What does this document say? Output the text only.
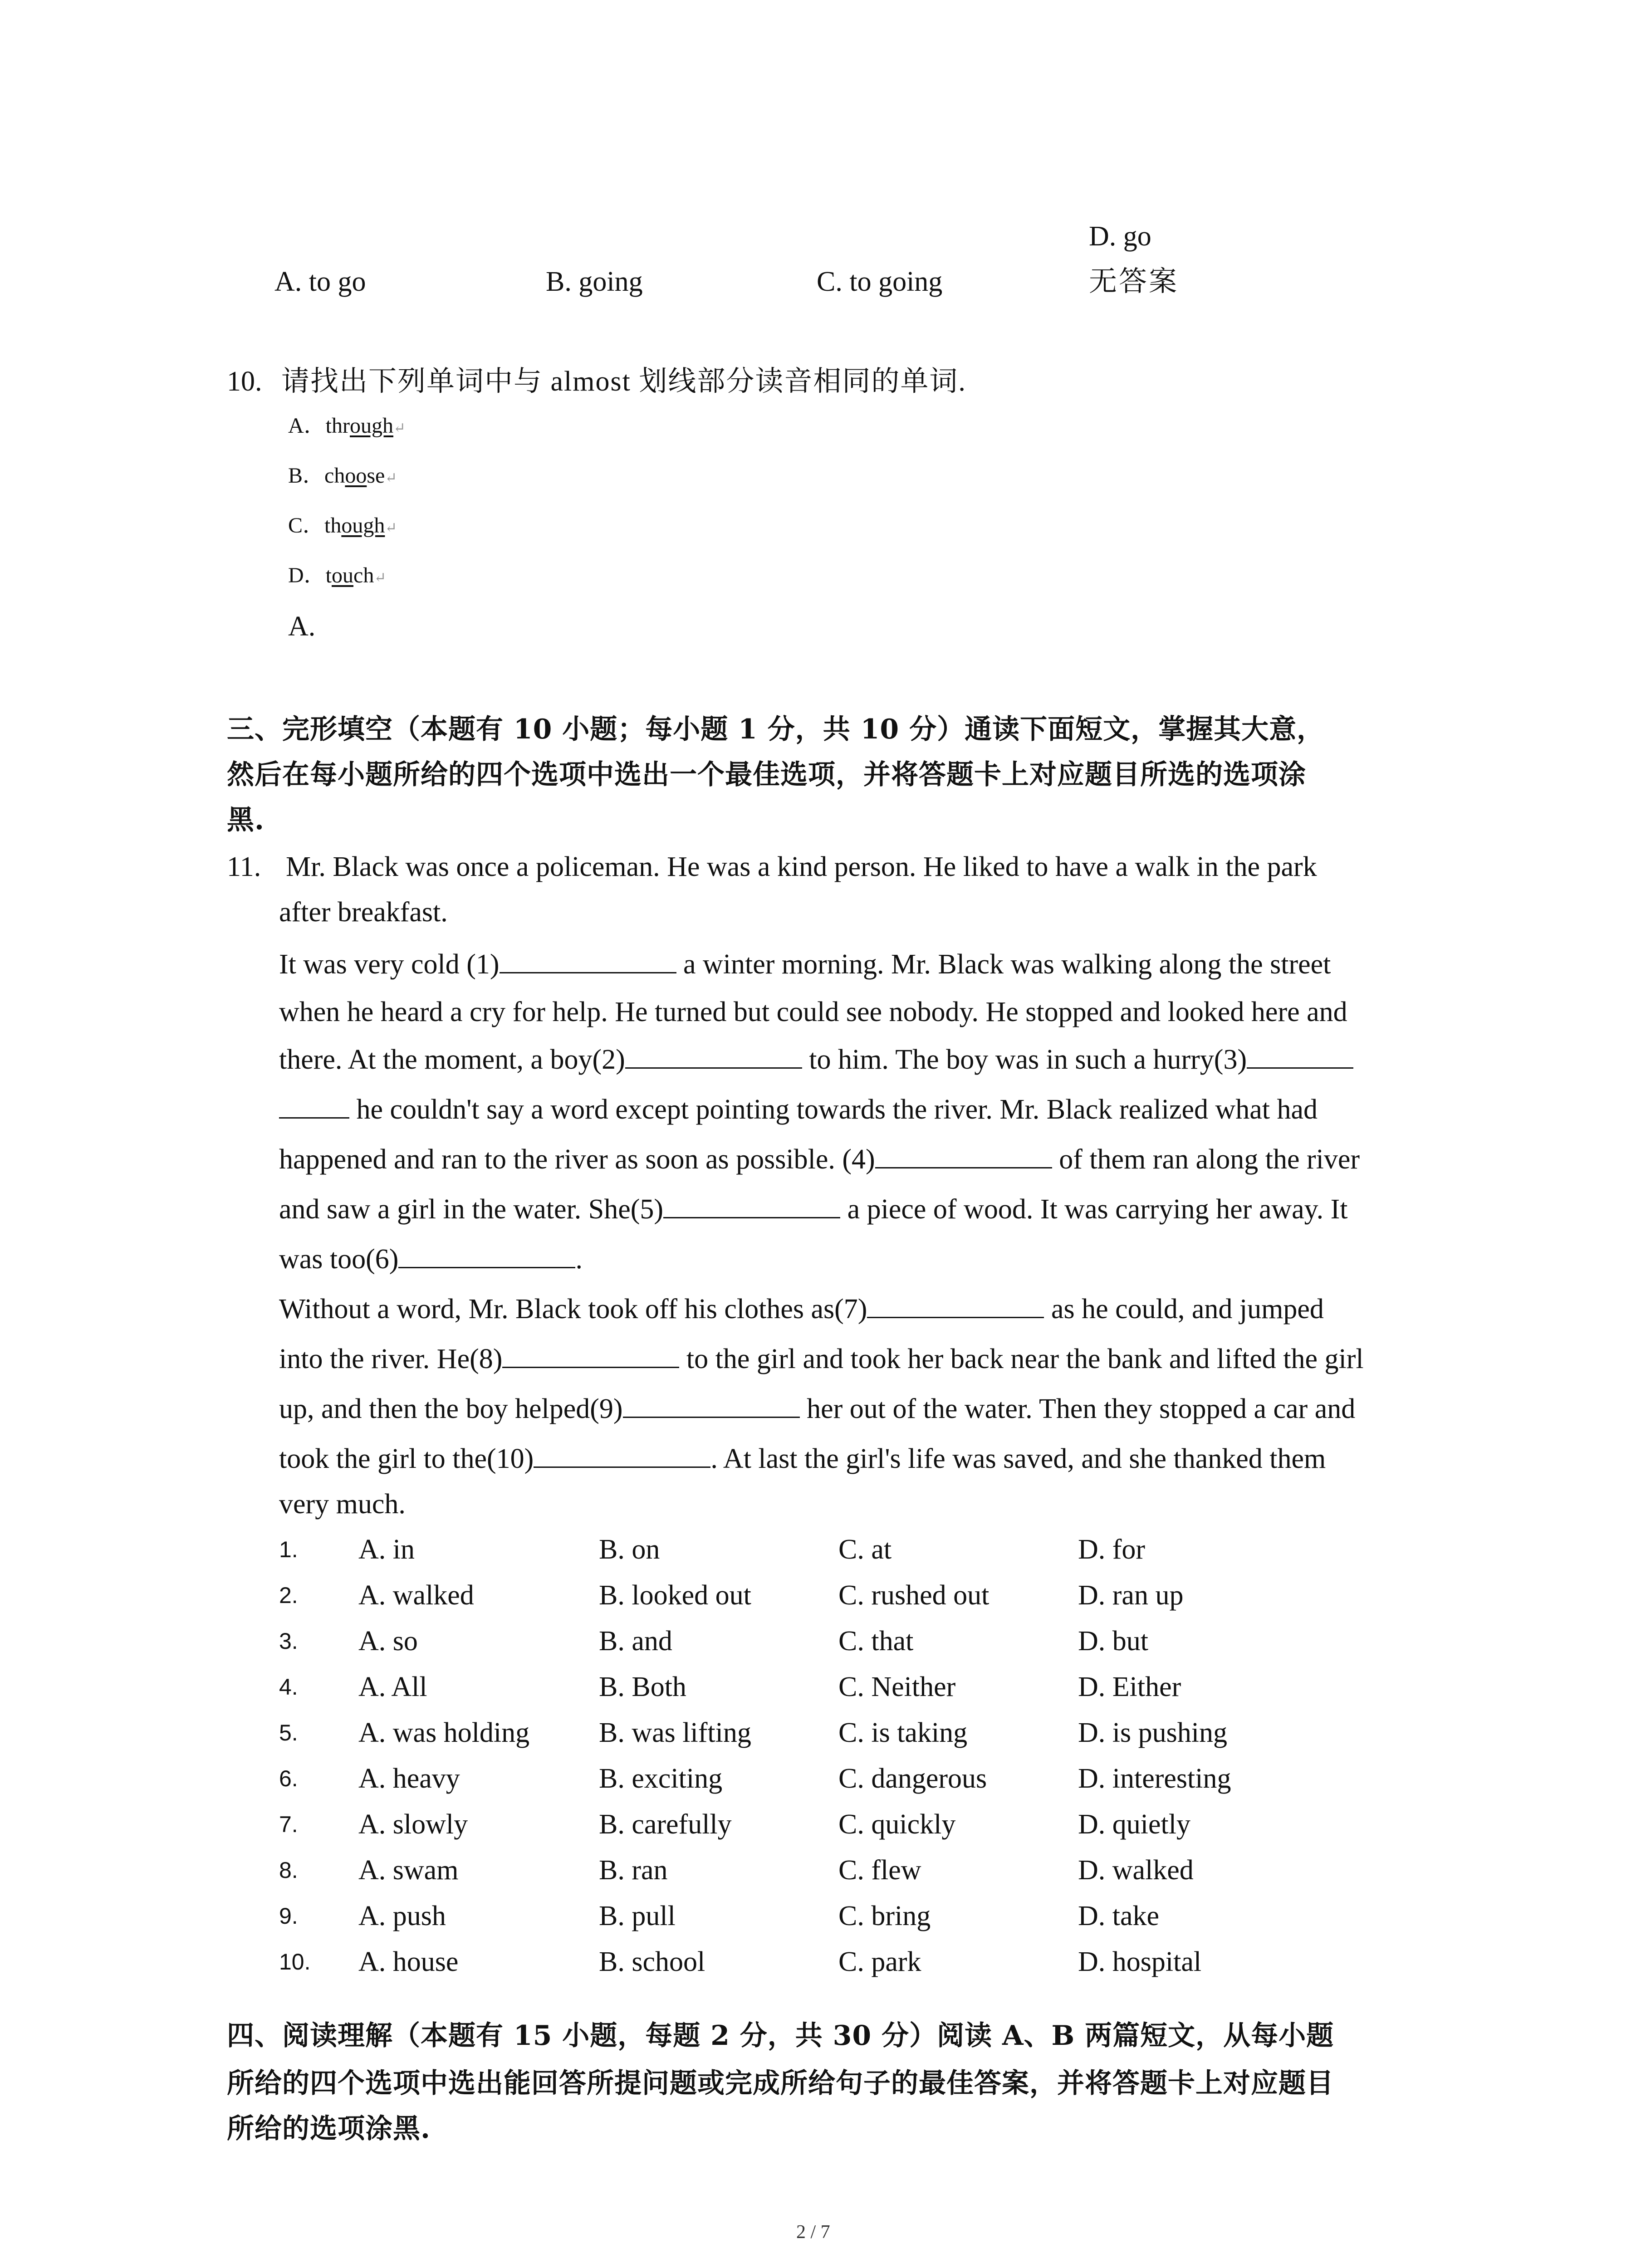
D. go
A. to go	B. going	C. to going	无答案
10. 请找出下列单词中与 almost 划线部分读音相同的单词.
A．through↵
B．choose↵
C．though↵
D．touch↵
A.
三、完形填空（本题有 10 小题；每小题 1 分，共 10 分）通读下面短文，掌握其大意，
然后在每小题所给的四个选项中选出一个最佳选项，并将答题卡上对应题目所选的选项涂
黑.
11. Mr. Black was once a policeman. He was a kind person. He liked to have a walk in the park
after breakfast.
It was very cold (1)	a winter morning. Mr. Black was walking along the street
when he heard a cry for help. He turned but could see nobody. He stopped and looked here and
there. At the moment, a boy(2)	to him. The boy was in such a hurry(3)
he couldn't say a word except pointing towards the river. Mr. Black realized what had
happened and ran to the river as soon as possible. (4)	of them ran along the river
and saw a girl in the water. She(5)	a piece of wood. It was carrying her away. It
was too(6)	.
Without a word, Mr. Black took off his clothes as(7)	as he could, and jumped
into the river. He(8)	to the girl and took her back near the bank and lifted the girl
up, and then the boy helped(9)	her out of the water. Then they stopped a car and
took the girl to the(10)	. At last the girl's life was saved, and she thanked them
very much.
1. A. in	B. on	C. at	D. for
2. A. walked	B. looked out	C. rushed out	D. ran up
3. A. so	B. and	C. that	D. but
4. A. All	B. Both	C. Neither	D. Either
5. A. was holding B. was lifting	C. is taking	D. is pushing
6. A. heavy	B. exciting	C. dangerous	D. interesting
7. A. slowly	B. carefully	C. quickly	D. quietly
8. A. swam	B. ran	C. flew	D. walked
9. A. push	B. pull	C. bring	D. take
10. A. house	B. school	C. park	D. hospital
四、阅读理解（本题有 15 小题，每题 2 分，共 30 分）阅读 A、B 两篇短文，从每小题
所给的四个选项中选出能回答所提问题或完成所给句子的最佳答案，并将答题卡上对应题目
所给的选项涂黑.
2 / 7
